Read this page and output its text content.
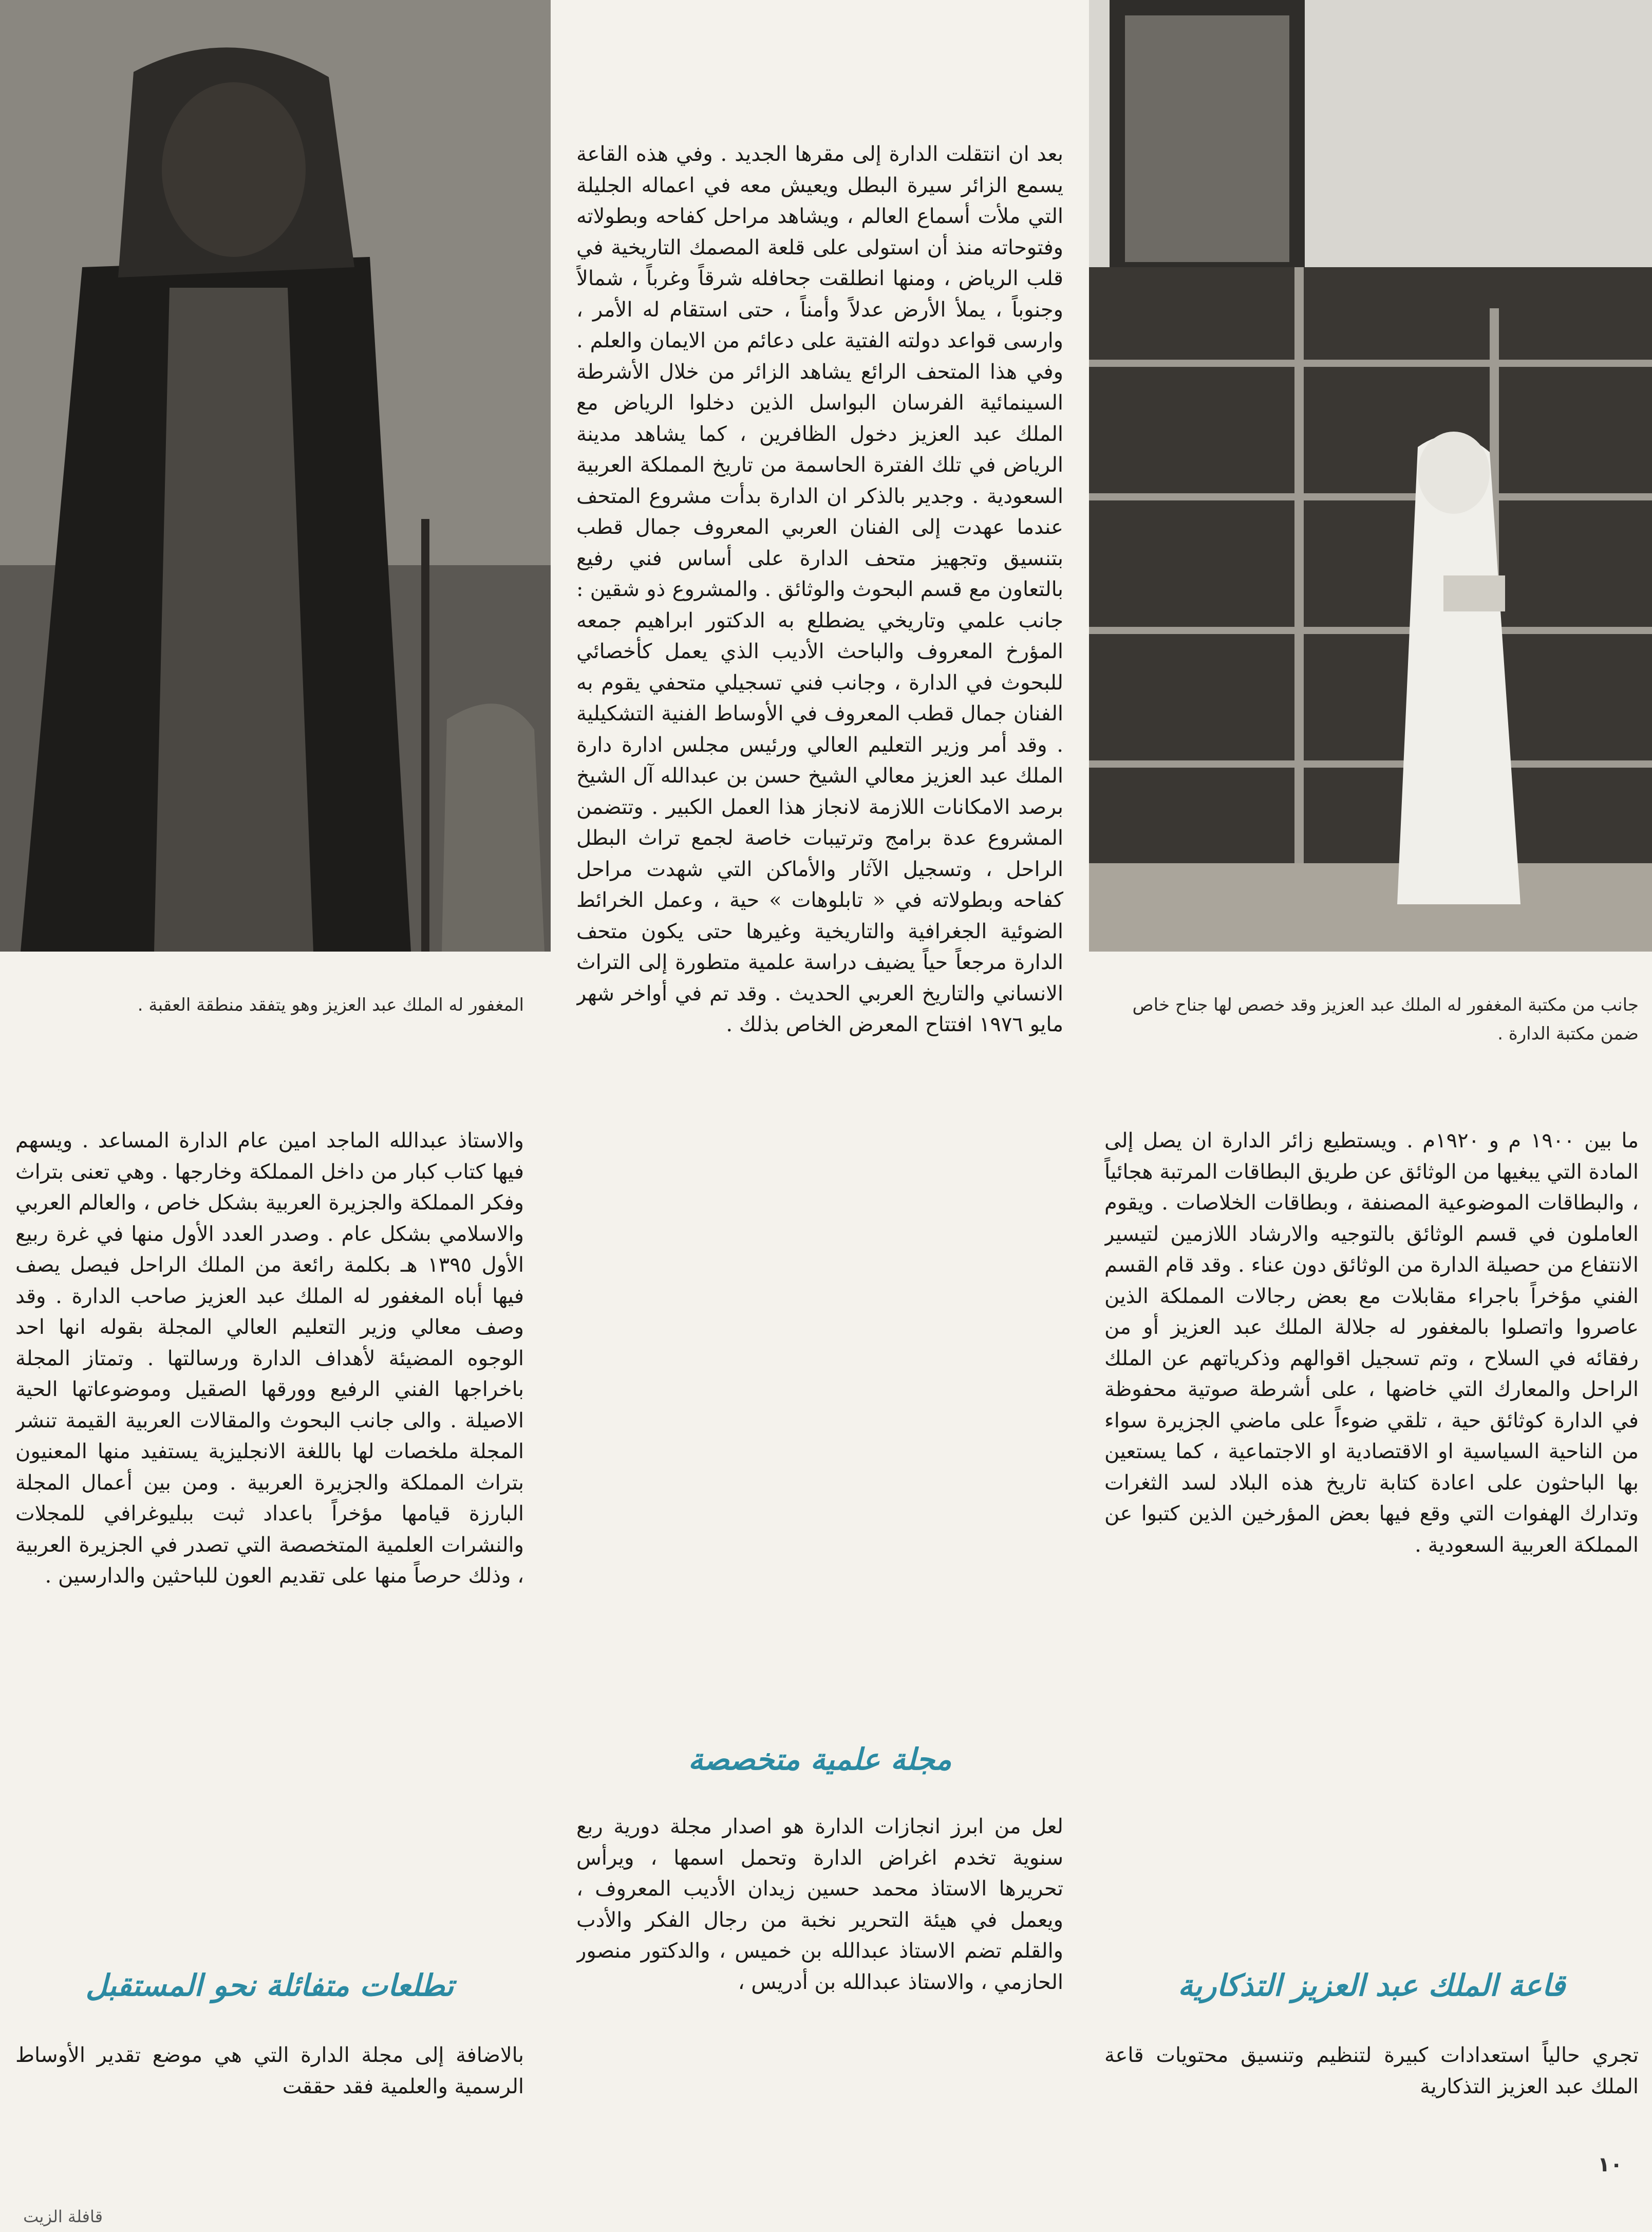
المغفور له الملك عبد العزيز وهو يتفقد منطقة العقبة .	جانب من مكتبة المغفور له الملك عبد العزيز وقد خصص لها جناح خاص ضمن مكتبة الدارة .

بعد ان انتقلت الدارة إلى مقرها الجديد . وفي هذه القاعة يسمع الزائر سيرة البطل ويعيش معه في اعماله الجليلة التي ملأت أسماع العالم ، ويشاهد مراحل كفاحه وبطولاته وفتوحاته منذ أن استولى على قلعة المصمك التاريخية في قلب الرياض ، ومنها انطلقت جحافله شرقاً وغرباً ، شمالاً وجنوباً ، يملأ الأرض عدلاً وأمناً ، حتى استقام له الأمر ، وارسى قواعد دولته الفتية على دعائم من الايمان والعلم . وفي هذا المتحف الرائع يشاهد الزائر من خلال الأشرطة السينمائية الفرسان البواسل الذين دخلوا الرياض مع الملك عبد العزيز دخول الظافرين ، كما يشاهد مدينة الرياض في تلك الفترة الحاسمة من تاريخ المملكة العربية السعودية . وجدير بالذكر ان الدارة بدأت مشروع المتحف عندما عهدت إلى الفنان العربي المعروف جمال قطب بتنسيق وتجهيز متحف الدارة على أساس فني رفيع بالتعاون مع قسم البحوث والوثائق . والمشروع ذو شقين : جانب علمي وتاريخي يضطلع به الدكتور ابراهيم جمعه المؤرخ المعروف والباحث الأديب الذي يعمل كأخصائي للبحوث في الدارة ، وجانب فني تسجيلي متحفي يقوم به الفنان جمال قطب المعروف في الأوساط الفنية التشكيلية . وقد أمر وزير التعليم العالي ورئيس مجلس ادارة دارة الملك عبد العزيز معالي الشيخ حسن بن عبدالله آل الشيخ برصد الامكانات اللازمة لانجاز هذا العمل الكبير . وتتضمن المشروع عدة برامج وترتيبات خاصة لجمع تراث البطل الراحل ، وتسجيل الآثار والأماكن التي شهدت مراحل كفاحه وبطولاته في « تابلوهات » حية ، وعمل الخرائط الضوئية الجغرافية والتاريخية وغيرها حتى يكون متحف الدارة مرجعاً حياً يضيف دراسة علمية متطورة إلى التراث الانساني والتاريخ العربي الحديث . وقد تم في أواخر شهر مايو ١٩٧٦ افتتاح المعرض الخاص بذلك .

مجلة علمية متخصصة

لعل من ابرز انجازات الدارة هو اصدار مجلة دورية ربع سنوية تخدم اغراض الدارة وتحمل اسمها ، ويرأس تحريرها الاستاذ محمد حسين زيدان الأديب المعروف ، ويعمل في هيئة التحرير نخبة من رجال الفكر والأدب والقلم تضم الاستاذ عبدالله بن خميس ، والدكتور منصور الحازمي ، والاستاذ عبدالله بن أدريس ،

ما بين ١٩٠٠ م و ١٩٢٠م . ويستطيع زائر الدارة ان يصل إلى المادة التي يبغيها من الوثائق عن طريق البطاقات المرتبة هجائياً ، والبطاقات الموضوعية المصنفة ، وبطاقات الخلاصات . ويقوم العاملون في قسم الوثائق بالتوجيه والارشاد اللازمين لتيسير الانتفاع من حصيلة الدارة من الوثائق دون عناء . وقد قام القسم الفني مؤخراً باجراء مقابلات مع بعض رجالات المملكة الذين عاصروا واتصلوا بالمغفور له جلالة الملك عبد العزيز أو من رفقائه في السلاح ، وتم تسجيل اقوالهم وذكرياتهم عن الملك الراحل والمعارك التي خاضها ، على أشرطة صوتية محفوظة في الدارة كوثائق حية ، تلقي ضوءاً على ماضي الجزيرة سواء من الناحية السياسية او الاقتصادية او الاجتماعية ، كما يستعين بها الباحثون على اعادة كتابة تاريخ هذه البلاد لسد الثغرات وتدارك الهفوات التي وقع فيها بعض المؤرخين الذين كتبوا عن المملكة العربية السعودية .

قاعة الملك عبد العزيز التذكارية

تجري حالياً استعدادات كبيرة لتنظيم وتنسيق محتويات قاعة الملك عبد العزيز التذكارية

والاستاذ عبدالله الماجد امين عام الدارة المساعد . ويسهم فيها كتاب كبار من داخل المملكة وخارجها . وهي تعنى بتراث وفكر المملكة والجزيرة العربية بشكل خاص ، والعالم العربي والاسلامي بشكل عام . وصدر العدد الأول منها في غرة ربيع الأول ١٣٩٥ هـ بكلمة رائعة من الملك الراحل فيصل يصف فيها أباه المغفور له الملك عبد العزيز صاحب الدارة . وقد وصف معالي وزير التعليم العالي المجلة بقوله انها احد الوجوه المضيئة لأهداف الدارة ورسالتها . وتمتاز المجلة باخراجها الفني الرفيع وورقها الصقيل وموضوعاتها الحية الاصيلة . والى جانب البحوث والمقالات العربية القيمة تنشر المجلة ملخصات لها باللغة الانجليزية يستفيد منها المعنيون بتراث المملكة والجزيرة العربية . ومن بين أعمال المجلة البارزة قيامها مؤخراً باعداد ثبت ببليوغرافي للمجلات والنشرات العلمية المتخصصة التي تصدر في الجزيرة العربية ، وذلك حرصاً منها على تقديم العون للباحثين والدارسين .

تطلعات متفائلة نحو المستقبل

بالاضافة إلى مجلة الدارة التي هي موضع تقدير الأوساط الرسمية والعلمية فقد حققت

١٠
قافلة الزيت
